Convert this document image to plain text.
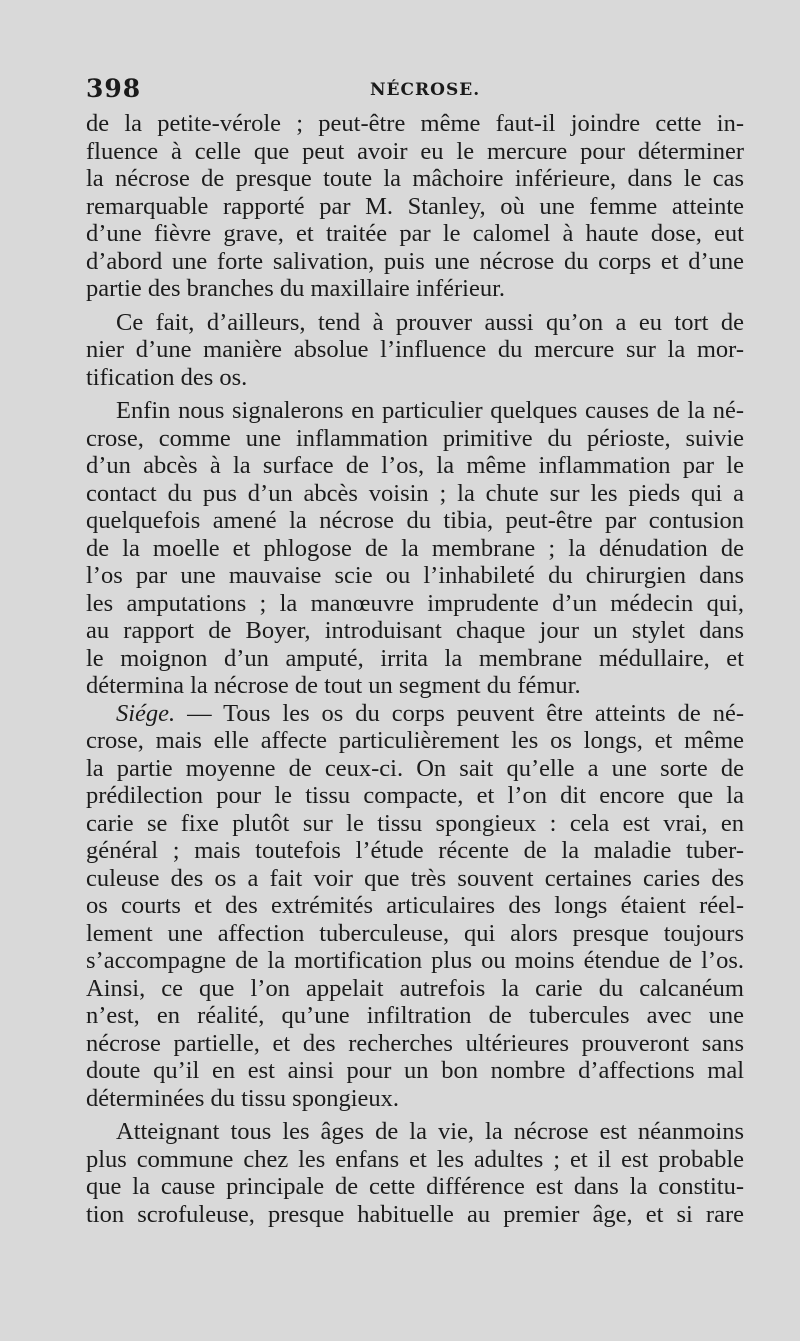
398	NÉCROSE.
de la petite-vérole ; peut-être même faut-il joindre cette in-
fluence à celle que peut avoir eu le mercure pour déterminer
la nécrose de presque toute la mâchoire inférieure, dans le cas
remarquable rapporté par M. Stanley, où une femme atteinte
d’une fièvre grave, et traitée par le calomel à haute dose, eut
d’abord une forte salivation, puis une nécrose du corps et d’une
partie des branches du maxillaire inférieur.
Ce fait, d’ailleurs, tend à prouver aussi qu’on a eu tort de
nier d’une manière absolue l’influence du mercure sur la mor-
tification des os.
Enfin nous signalerons en particulier quelques causes de la né-
crose, comme une inflammation primitive du périoste, suivie
d’un abcès à la surface de l’os, la même inflammation par le
contact du pus d’un abcès voisin ; la chute sur les pieds qui a
quelquefois amené la nécrose du tibia, peut-être par contusion
de la moelle et phlogose de la membrane ; la dénudation de
l’os par une mauvaise scie ou l’inhabileté du chirurgien dans
les amputations ; la manœuvre imprudente d’un médecin qui,
au rapport de Boyer, introduisant chaque jour un stylet dans
le moignon d’un amputé, irrita la membrane médullaire, et
détermina la nécrose de tout un segment du fémur.
Siége. — Tous les os du corps peuvent être atteints de né-
crose, mais elle affecte particulièrement les os longs, et même
la partie moyenne de ceux-ci. On sait qu’elle a une sorte de
prédilection pour le tissu compacte, et l’on dit encore que la
carie se fixe plutôt sur le tissu spongieux : cela est vrai, en
général ; mais toutefois l’étude récente de la maladie tuber-
culeuse des os a fait voir que très souvent certaines caries des
os courts et des extrémités articulaires des longs étaient réel-
lement une affection tuberculeuse, qui alors presque toujours
s’accompagne de la mortification plus ou moins étendue de l’os.
Ainsi, ce que l’on appelait autrefois la carie du calcanéum
n’est, en réalité, qu’une infiltration de tubercules avec une
nécrose partielle, et des recherches ultérieures prouveront sans
doute qu’il en est ainsi pour un bon nombre d’affections mal
déterminées du tissu spongieux.
Atteignant tous les âges de la vie, la nécrose est néanmoins
plus commune chez les enfans et les adultes ; et il est probable
que la cause principale de cette différence est dans la constitu-
tion scrofuleuse, presque habituelle au premier âge, et si rare
